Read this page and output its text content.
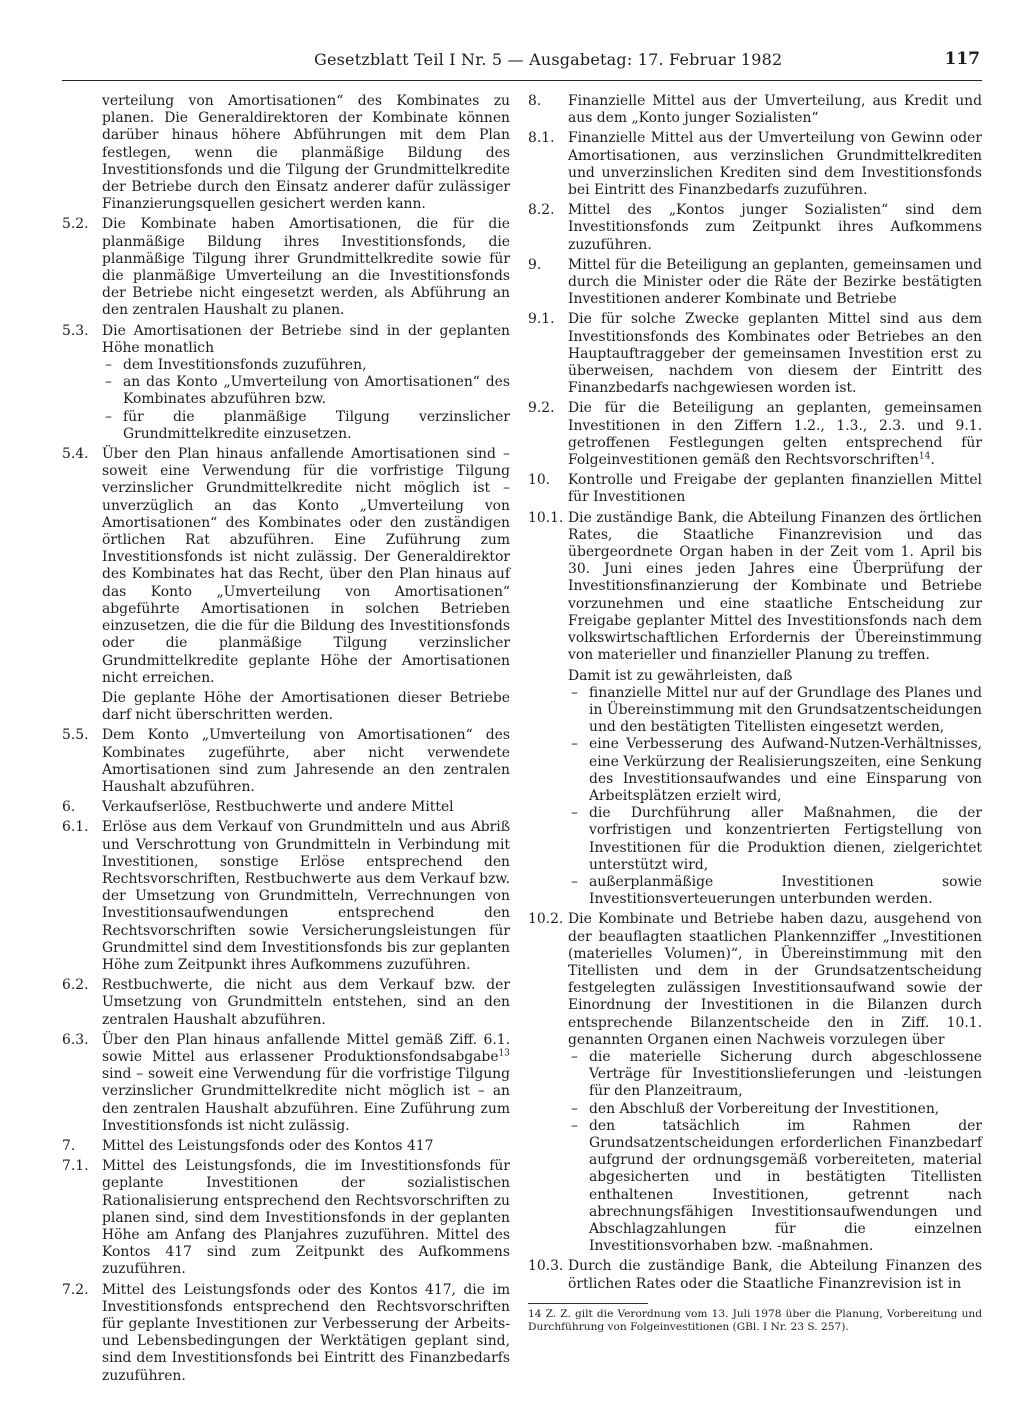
Gesetzblatt Teil I Nr. 5 — Ausgabetag: 17. Februar 1982	117
verteilung von Amortisationen“ des Kombinates zu planen. Die Generaldirektoren der Kombinate können darüber hinaus höhere Abführungen mit dem Plan festlegen, wenn die planmäßige Bildung des Investitionsfonds und die Tilgung der Grundmittelkredite der Betriebe durch den Einsatz anderer dafür zulässiger Finanzierungsquellen gesichert werden kann.
5.2. Die Kombinate haben Amortisationen, die für die planmäßige Bildung ihres Investitionsfonds, die planmäßige Tilgung ihrer Grundmittelkredite sowie für die planmäßige Umverteilung an die Investitionsfonds der Betriebe nicht eingesetzt werden, als Abführung an den zentralen Haushalt zu planen.
5.3. Die Amortisationen der Betriebe sind in der geplanten Höhe monatlich
– dem Investitionsfonds zuzuführen,
– an das Konto „Umverteilung von Amortisationen“ des Kombinates abzuführen bzw.
– für die planmäßige Tilgung verzinslicher Grundmittelkredite einzusetzen.
5.4. Über den Plan hinaus anfallende Amortisationen sind – soweit eine Verwendung für die vorfristige Tilgung verzinslicher Grundmittelkredite nicht möglich ist – unverzüglich an das Konto „Umverteilung von Amortisationen“ des Kombinates oder den zuständigen örtlichen Rat abzuführen. Eine Zuführung zum Investitionsfonds ist nicht zulässig. Der Generaldirektor des Kombinates hat das Recht, über den Plan hinaus auf das Konto „Umverteilung von Amortisationen“ abgeführte Amortisationen in solchen Betrieben einzusetzen, die die für die Bildung des Investitionsfonds oder die planmäßige Tilgung verzinslicher Grundmittelkredite geplante Höhe der Amortisationen nicht erreichen.
Die geplante Höhe der Amortisationen dieser Betriebe darf nicht überschritten werden.
5.5. Dem Konto „Umverteilung von Amortisationen“ des Kombinates zugeführte, aber nicht verwendete Amortisationen sind zum Jahresende an den zentralen Haushalt abzuführen.
6. Verkaufserlöse, Restbuchwerte und andere Mittel
6.1. Erlöse aus dem Verkauf von Grundmitteln und aus Abriß und Verschrottung von Grundmitteln in Verbindung mit Investitionen, sonstige Erlöse entsprechend den Rechtsvorschriften, Restbuchwerte aus dem Verkauf bzw. der Umsetzung von Grundmitteln, Verrechnungen von Investitionsaufwendungen entsprechend den Rechtsvorschriften sowie Versicherungsleistungen für Grundmittel sind dem Investitionsfonds bis zur geplanten Höhe zum Zeitpunkt ihres Aufkommens zuzuführen.
6.2. Restbuchwerte, die nicht aus dem Verkauf bzw. der Umsetzung von Grundmitteln entstehen, sind an den zentralen Haushalt abzuführen.
6.3. Über den Plan hinaus anfallende Mittel gemäß Ziff. 6.1. sowie Mittel aus erlassener Produktionsfondsabgabe$^{13}$ sind – soweit eine Verwendung für die vorfristige Tilgung verzinslicher Grundmittelkredite nicht möglich ist – an den zentralen Haushalt abzuführen. Eine Zuführung zum Investitionsfonds ist nicht zulässig.
7. Mittel des Leistungsfonds oder des Kontos 417
7.1. Mittel des Leistungsfonds, die im Investitionsfonds für geplante Investitionen der sozialistischen Rationalisierung entsprechend den Rechtsvorschriften zu planen sind, sind dem Investitionsfonds in der geplanten Höhe am Anfang des Planjahres zuzuführen. Mittel des Kontos 417 sind zum Zeitpunkt des Aufkommens zuzuführen.
7.2. Mittel des Leistungsfonds oder des Kontos 417, die im Investitionsfonds entsprechend den Rechtsvorschriften für geplante Investitionen zur Verbesserung der Arbeits- und Lebensbedingungen der Werktätigen geplant sind, sind dem Investitionsfonds bei Eintritt des Finanzbedarfs zuzuführen.
8. Finanzielle Mittel aus der Umverteilung, aus Kredit und aus dem „Konto junger Sozialisten“
8.1. Finanzielle Mittel aus der Umverteilung von Gewinn oder Amortisationen, aus verzinslichen Grundmittelkrediten und unverzinslichen Krediten sind dem Investitionsfonds bei Eintritt des Finanzbedarfs zuzuführen.
8.2. Mittel des „Kontos junger Sozialisten“ sind dem Investitionsfonds zum Zeitpunkt ihres Aufkommens zuzuführen.
9. Mittel für die Beteiligung an geplanten, gemeinsamen und durch die Minister oder die Räte der Bezirke bestätigten Investitionen anderer Kombinate und Betriebe
9.1. Die für solche Zwecke geplanten Mittel sind aus dem Investitionsfonds des Kombinates oder Betriebes an den Hauptauftraggeber der gemeinsamen Investition erst zu überweisen, nachdem von diesem der Eintritt des Finanzbedarfs nachgewiesen worden ist.
9.2. Die für die Beteiligung an geplanten, gemeinsamen Investitionen in den Ziffern 1.2., 1.3., 2.3. und 9.1. getroffenen Festlegungen gelten entsprechend für Folgeinvestitionen gemäß den Rechtsvorschriften$^{14}$.
10. Kontrolle und Freigabe der geplanten finanziellen Mittel für Investitionen
10.1. Die zuständige Bank, die Abteilung Finanzen des örtlichen Rates, die Staatliche Finanzrevision und das übergeordnete Organ haben in der Zeit vom 1. April bis 30. Juni eines jeden Jahres eine Überprüfung der Investitionsfinanzierung der Kombinate und Betriebe vorzunehmen und eine staatliche Entscheidung zur Freigabe geplanter Mittel des Investitionsfonds nach dem volkswirtschaftlichen Erfordernis der Übereinstimmung von materieller und finanzieller Planung zu treffen.
Damit ist zu gewährleisten, daß
– finanzielle Mittel nur auf der Grundlage des Planes und in Übereinstimmung mit den Grundsatzentscheidungen und den bestätigten Titellisten eingesetzt werden,
– eine Verbesserung des Aufwand-Nutzen-Verhältnisses, eine Verkürzung der Realisierungszeiten, eine Senkung des Investitionsaufwandes und eine Einsparung von Arbeitsplätzen erzielt wird,
– die Durchführung aller Maßnahmen, die der vorfristigen und konzentrierten Fertigstellung von Investitionen für die Produktion dienen, zielgerichtet unterstützt wird,
– außerplanmäßige Investitionen sowie Investitionsverteuerungen unterbunden werden.
10.2. Die Kombinate und Betriebe haben dazu, ausgehend von der beauflagten staatlichen Plankennziffer „Investitionen (materielles Volumen)“, in Übereinstimmung mit den Titellisten und dem in der Grundsatzentscheidung festgelegten zulässigen Investitionsaufwand sowie der Einordnung der Investitionen in die Bilanzen durch entsprechende Bilanzentscheide den in Ziff. 10.1. genannten Organen einen Nachweis vorzulegen über
– die materielle Sicherung durch abgeschlossene Verträge für Investitionslieferungen und -leistungen für den Planzeitraum,
– den Abschluß der Vorbereitung der Investitionen,
– den tatsächlich im Rahmen der Grundsatzentscheidungen erforderlichen Finanzbedarf aufgrund der ordnungsgemäß vorbereiteten, material abgesicherten und in bestätigten Titellisten enthaltenen Investitionen, getrennt nach abrechnungsfähigen Investitionsaufwendungen und Abschlagzahlungen für die einzelnen Investitionsvorhaben bzw. -maßnahmen.
10.3. Durch die zuständige Bank, die Abteilung Finanzen des örtlichen Rates oder die Staatliche Finanzrevision ist in
14 Z. Z. gilt die Verordnung vom 13. Juli 1978 über die Planung, Vorbereitung und Durchführung von Folgeinvestitionen (GBl. I Nr. 23 S. 257).
